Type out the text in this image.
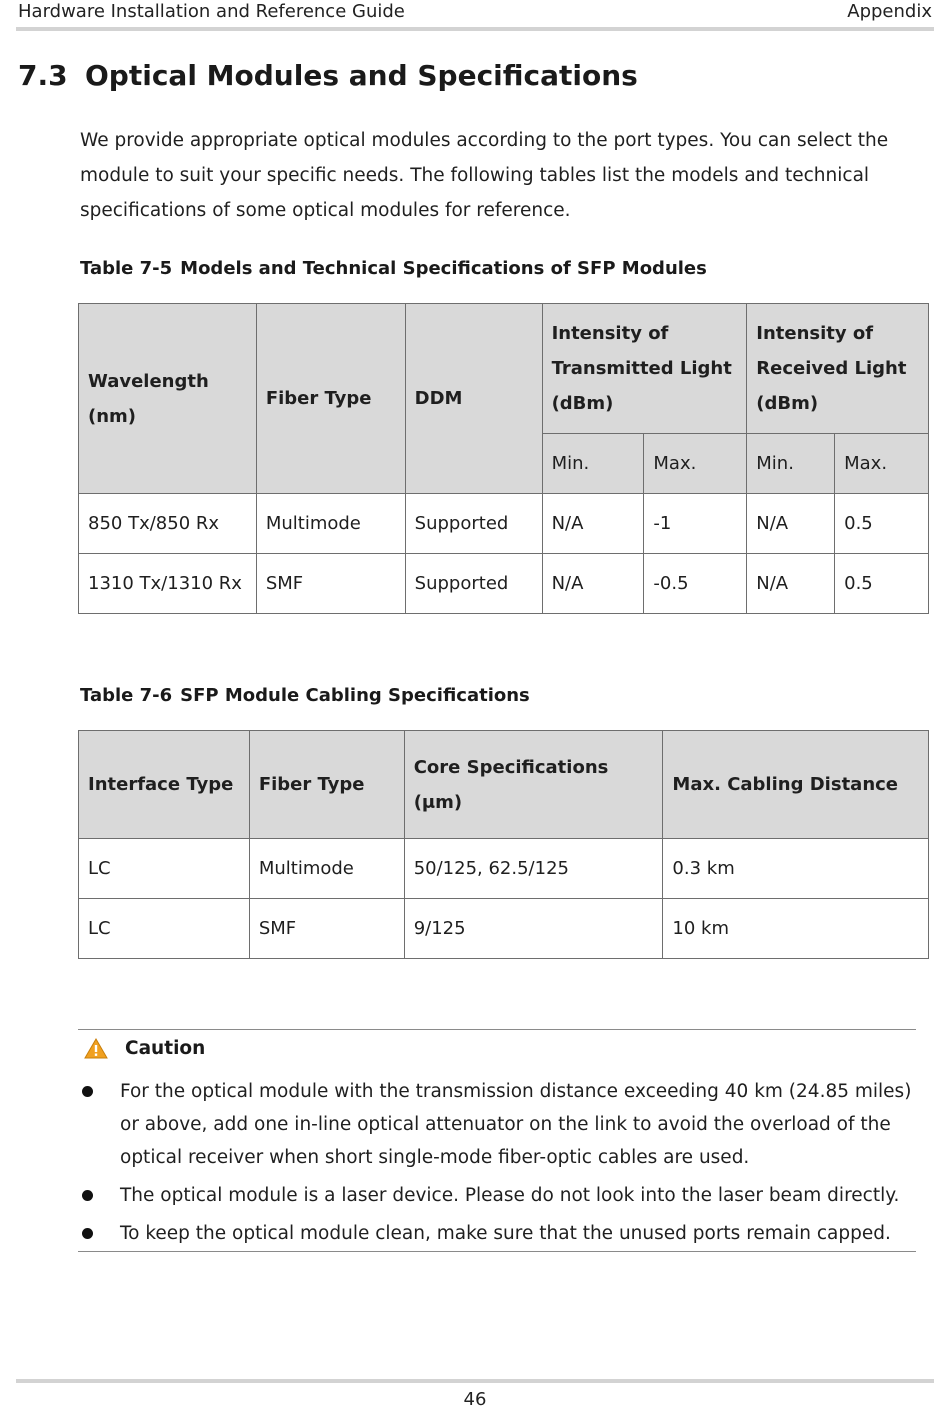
Hardware Installation and Reference Guide	Appendix
7.3 Optical Modules and Specifications

We provide appropriate optical modules according to the port types. You can select the module to suit your specific needs. The following tables list the models and technical specifications of some optical modules for reference.

Table 7-5 Models and Technical Specifications of SFP Modules
Wavelength (nm)	Fiber Type	DDM	Intensity of Transmitted Light (dBm)		Intensity of Received Light (dBm)	
			Min.	Max.	Min.	Max.
850 Tx/850 Rx	Multimode	Supported	N/A	-1	N/A	0.5
1310 Tx/1310 Rx	SMF	Supported	N/A	-0.5	N/A	0.5
Table 7-6 SFP Module Cabling Specifications
Interface Type	Fiber Type	Core Specifications (μm)	Max. Cabling Distance
LC	Multimode	50/125, 62.5/125	0.3 km
LC	SMF	9/125	10 km
Caution
For the optical module with the transmission distance exceeding 40 km (24.85 miles) or above, add one in-line optical attenuator on the link to avoid the overload of the optical receiver when short single-mode fiber-optic cables are used.
The optical module is a laser device. Please do not look into the laser beam directly.
To keep the optical module clean, make sure that the unused ports remain capped.
46
